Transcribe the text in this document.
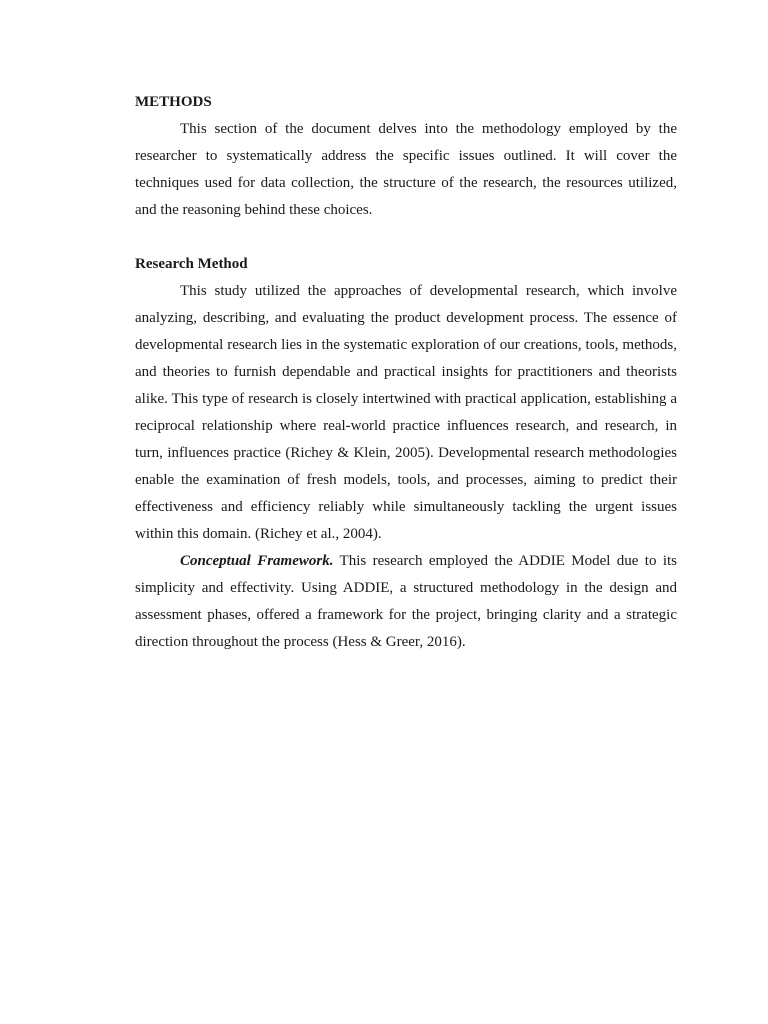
METHODS

This section of the document delves into the methodology employed by the researcher to systematically address the specific issues outlined. It will cover the techniques used for data collection, the structure of the research, the resources utilized, and the reasoning behind these choices.

Research Method

This study utilized the approaches of developmental research, which involve analyzing, describing, and evaluating the product development process. The essence of developmental research lies in the systematic exploration of our creations, tools, methods, and theories to furnish dependable and practical insights for practitioners and theorists alike. This type of research is closely intertwined with practical application, establishing a reciprocal relationship where real-world practice influences research, and research, in turn, influences practice (Richey & Klein, 2005). Developmental research methodologies enable the examination of fresh models, tools, and processes, aiming to predict their effectiveness and efficiency reliably while simultaneously tackling the urgent issues within this domain. (Richey et al., 2004).

Conceptual Framework. This research employed the ADDIE Model due to its simplicity and effectivity. Using ADDIE, a structured methodology in the design and assessment phases, offered a framework for the project, bringing clarity and a strategic direction throughout the process (Hess & Greer, 2016).
